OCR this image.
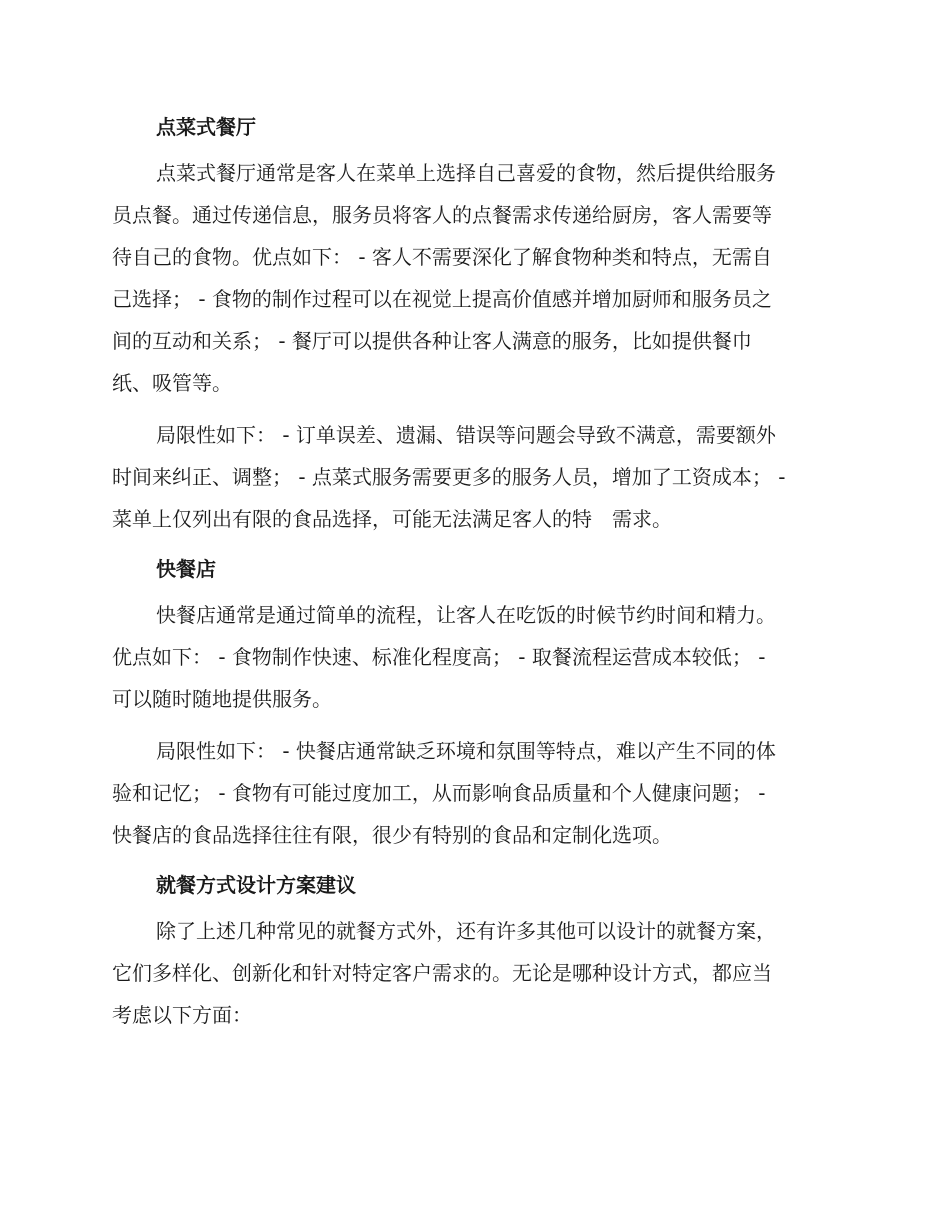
点菜式餐厅
点菜式餐厅通常是客人在菜单上选择自己喜爱的食物，然后提供给服务
员点餐。通过传递信息，服务员将客人的点餐需求传递给厨房，客人需要等
待自己的食物。优点如下： - 客人不需要深化了解食物种类和特点，无需自
己选择； - 食物的制作过程可以在视觉上提高价值感并增加厨师和服务员之
间的互动和关系； - 餐厅可以提供各种让客人满意的服务，比如提供餐巾
纸、吸管等。
局限性如下： - 订单误差、遗漏、错误等问题会导致不满意，需要额外
时间来纠正、调整； - 点菜式服务需要更多的服务人员，增加了工资成本； -
菜单上仅列出有限的食品选择，可能无法满足客人的特　需求。
快餐店
快餐店通常是通过简单的流程，让客人在吃饭的时候节约时间和精力。
优点如下： - 食物制作快速、标准化程度高； - 取餐流程运营成本较低； -
可以随时随地提供服务。
局限性如下： - 快餐店通常缺乏环境和氛围等特点，难以产生不同的体
验和记忆； - 食物有可能过度加工，从而影响食品质量和个人健康问题； -
快餐店的食品选择往往有限，很少有特别的食品和定制化选项。
就餐方式设计方案建议
除了上述几种常见的就餐方式外，还有许多其他可以设计的就餐方案，
它们多样化、创新化和针对特定客户需求的。无论是哪种设计方式，都应当
考虑以下方面：
